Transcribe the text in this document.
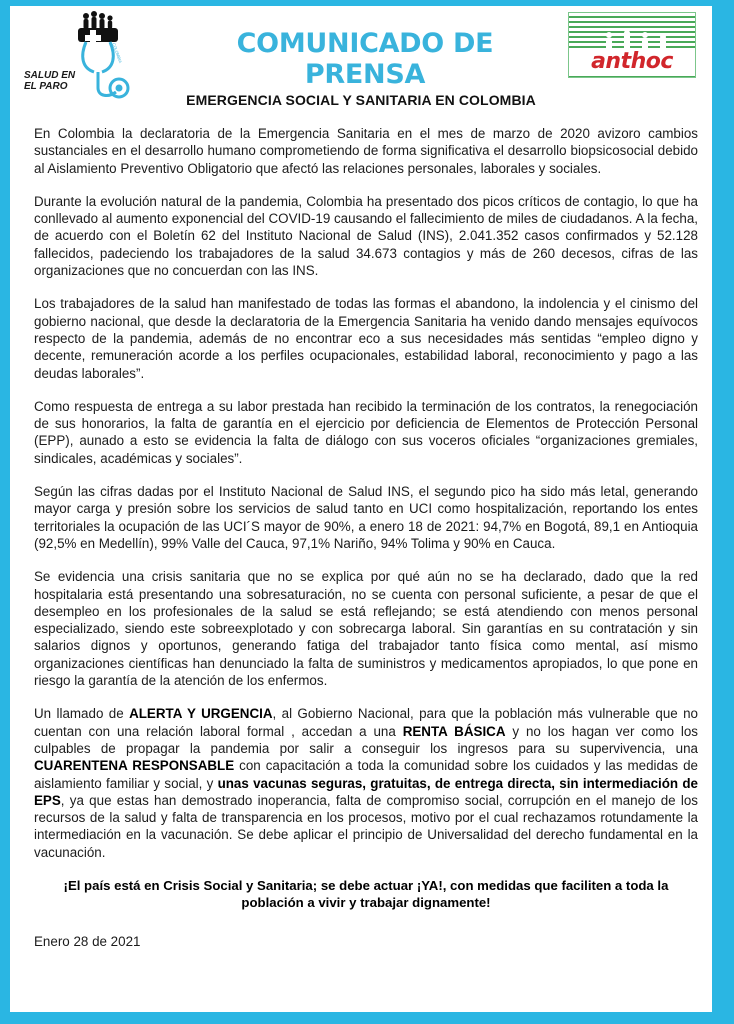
SALUD EN EL PARO
COLOMBIA	COMUNICADO DE PRENSA	anthoc
EMERGENCIA SOCIAL Y SANITARIA EN COLOMBIA

En Colombia la declaratoria de la Emergencia Sanitaria en el mes de marzo de 2020 avizoro cambios sustanciales en el desarrollo humano comprometiendo de forma significativa el desarrollo biopsicosocial debido al Aislamiento Preventivo Obligatorio que afectó las relaciones personales, laborales y sociales.

Durante la evolución natural de la pandemia, Colombia ha presentado dos picos críticos de contagio, lo que ha conllevado al aumento exponencial del COVID-19 causando el fallecimiento de miles de ciudadanos. A la fecha, de acuerdo con el Boletín 62 del Instituto Nacional de Salud (INS), 2.041.352 casos confirmados y 52.128 fallecidos, padeciendo los trabajadores de la salud 34.673 contagios y más de 260 decesos, cifras de las organizaciones que no concuerdan con las INS.

Los trabajadores de la salud han manifestado de todas las formas el abandono, la indolencia y el cinismo del gobierno nacional, que desde la declaratoria de la Emergencia Sanitaria ha venido dando mensajes equívocos respecto de la pandemia, además de no encontrar eco a sus necesidades más sentidas “empleo digno y decente, remuneración acorde a los perfiles ocupacionales, estabilidad laboral, reconocimiento y pago a las deudas laborales”.

Como respuesta de entrega a su labor prestada han recibido la terminación de los contratos, la renegociación de sus honorarios, la falta de garantía en el ejercicio por deficiencia de Elementos de Protección Personal (EPP), aunado a esto se evidencia la falta de diálogo con sus voceros oficiales “organizaciones gremiales, sindicales, académicas y sociales”.

Según las cifras dadas por el Instituto Nacional de Salud INS, el segundo pico ha sido más letal, generando mayor carga y presión sobre los servicios de salud tanto en UCI como hospitalización, reportando los entes territoriales la ocupación de las UCI´S mayor de 90%, a enero 18 de 2021: 94,7% en Bogotá, 89,1 en Antioquia (92,5% en Medellín), 99% Valle del Cauca, 97,1% Nariño, 94% Tolima y 90% en Cauca.

Se evidencia una crisis sanitaria que no se explica por qué aún no se ha declarado, dado que la red hospitalaria está presentando una sobresaturación, no se cuenta con personal suficiente, a pesar de que el desempleo en los profesionales de la salud se está reflejando; se está atendiendo con menos personal especializado, siendo este sobreexplotado y con sobrecarga laboral. Sin garantías en su contratación y sin salarios dignos y oportunos, generando fatiga del trabajador tanto física como mental, así mismo organizaciones científicas han denunciado la falta de suministros y medicamentos apropiados, lo que pone en riesgo la garantía de la atención de los enfermos.

Un llamado de ALERTA Y URGENCIA, al Gobierno Nacional, para que la población más vulnerable que no cuentan con una relación laboral formal , accedan a una RENTA BÁSICA y no los hagan ver como los culpables de propagar la pandemia por salir a conseguir los ingresos para su supervivencia, una CUARENTENA RESPONSABLE con capacitación a toda la comunidad sobre los cuidados y las medidas de aislamiento familiar y social, y unas vacunas seguras, gratuitas, de entrega directa, sin intermediación de EPS, ya que estas han demostrado inoperancia, falta de compromiso social, corrupción en el manejo de los recursos de la salud y falta de transparencia en los procesos, motivo por el cual rechazamos rotundamente la intermediación en la vacunación. Se debe aplicar el principio de Universalidad del derecho fundamental en la vacunación.

¡El país está en Crisis Social y Sanitaria; se debe actuar ¡YA!, con medidas que faciliten a toda la población a vivir y trabajar dignamente!
Enero 28 de 2021
